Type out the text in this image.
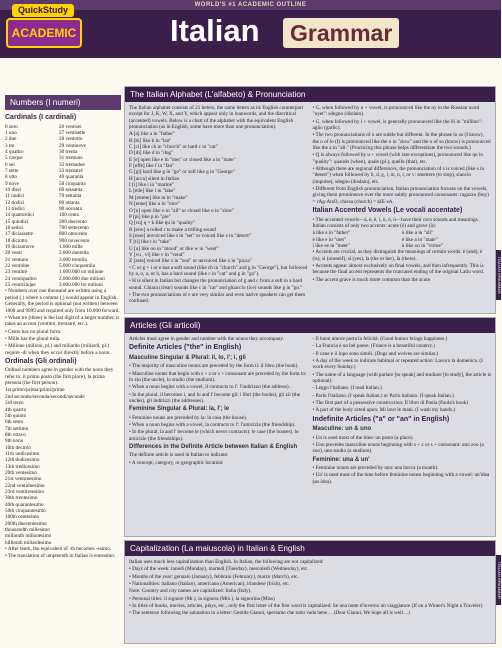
WORLD'S #1 ACADEMIC OUTLINE
QuickStudy
ACADEMIC	Italian	Grammar
Numbers (I numeri)
Cardinals (I cardinali)
0 zero	26 ventisei
1 uno	27 ventisette
2 due	28 ventotto
3 tre	29 ventinove
4 quattro	30 trenta
5 cinque	31 trentuno
6 sei	32 trentadue
7 sette	33 trentatré
8 otto	40 quaranta
9 nove	50 cinquanta
10 dieci	60 sessanta
11 undici	70 settanta
12 dodici	80 ottanta
13 tredici	90 novanta
14 quattordici	100 cento
15 quindici	200 duecento
16 sedici	700 settecento
17 diciassette	800 ottocento
18 diciotto	900 novecento
19 diciannove	1.000 mille
20 venti	2.000 duemila
21 ventuno	3.000 tremila
22 ventidue	5.000 cinquemila
23 ventitré	1.000.000 un milione
24 ventiquattro	2.000.000 due milioni
25 venticinque	3.000.000 tre milioni

• Numbers over one thousand are written using a period (.) where a comma (,) would appear in English. Generally, the period is optional (not written) between 1000 and 9999 and required only from 10.000 forward.

• When tre (three) is the last digit of a larger number, it takes an accent (ventitré, trentatré, etc.).

• Cento has no plural form.

• Mille has the plural mila.

• Milione (milioni, pl.) and miliardo (miliardi, pl.) require -di when they occur directly before a noun.

Ordinals (Gli ordinali)

Ordinal numbers agree in gender with the noun they refer to: il primo posto (the first place), la prima persona (the first person).

1st primo/prima/primi/prime
2nd secondo/seconda/secondi/seconde
3rd terzo
4th quarto
5th quinto
6th sesto
7th settimo
8th ottavo
9th nono
10th decimo
11th undicesimo
12th dodicesimo
13th tredicesimo
20th ventesimo
21st ventunesimo
22nd ventiduesimo
23rd ventitreesimo
30th trentesimo
40th quarantesimo
50th cinquantesimo
100th centesimo
200th duecentesimo
thousandth millesimo
millionth milionesimo
billionth miliardesimo

• After tenth, the equivalent of -th becomes -esimo.

• The translation of umpteenth in Italian is ennesimo.

The Italian Alphabet (L'alfabeto) & Pronunciation

The Italian alphabet consists of 21 letters, the same letters as its English counterpart except for J, K, W, X, and Y, which appear only in loanwords, and the diacritical (accented) vowels. Below is a chart of the alphabet with the equivalent English pronunciation (as in English, some have more than one pronunciation).

A [a] like a in "father"
B [bi] like b in "bat"
C [ci] like ch in "church" or hard c in "cat"
D [di] like d in "dog"
E [e] open like e in "met" or closed like a in "mate"
F [effe] like f in "fan"
G [gi] hard like g in "go" or soft like g in "George"
H [acca] silent in Italian
I [i] like i in "marine"
L [elle] like l in "lake"
M [emme] like m in "make"
N [enne] like n in "nice"
O [o] open like o in "all" or closed like o in "slow"
P [pi] like p in "pie"
Q [cu] q = k like qu in "quality"
R [erre] a rolled r to make a trilling sound
S [esse] unvoiced like s in "set" or voiced like s in "desert"
T [ti] like t in "take"
U [u] like oo in "mood" or like w in "west"
V [vu , vi] like v in "vend"
Z [zeta] voiced like z in "zoo" or unvoiced like z in "pizza"

• C or g + i or e has a soft sound (like ch in "church" and g in "George"), but followed by a, o, u, or h, has a hard sound (like c in "cat" and g in "go").

• H is silent in Italian but changes the pronunciation of g and c from a soft to a hard sound. Chiara (clear) sounds like c in "cat" and ghiaccio (ice) sounds like g in "go."

• The two pronunciations of e are very similar and even native speakers can get them confused.

• G, when followed by n + vowel, is pronounced like the ny in the Russian word "nyet": sdegno (disdain).

• G, when followed by l + vowel, is generally pronounced like the lli in "million": aglio (garlic).

• The two pronunciations of o are subtle but different. In the phrase lo so (I know), the o of lo (I) is pronounced like the o in "slow" and the o of so (know) is pronounced like the a in "all." (Practicing this phrase helps differentiate the two sounds.)

• Q is always followed by u + vowel (with rare exceptions), pronounced like qu in "quality": quando (when), quale (pl.), quello (that), etc.

• Although there are regional differences, the pronunciation of s is voiced (like s in "desert") when followed by b, d, g, l, m, n, r, or v: smettere (to stop), slancio (impulse), sdegno (disdain), etc.

• Different from English pronunciation, Italian pronunciation focuses on the vowels, giving them prominence over the more subtly pronounced consonants: ragazzo (boy) = rAg-AtsO, chiesa (church) = kIE-sA.

Italian Accented Vowels (Le vocali accentate)

• The accented vowels—à, è, é, ì, ò, ó, ù—have their own sounds and meanings. Italian consists of only two accents: acute (é) and grave (à):

à like a in "father"	ò like a in "all"
è like e in "met"	é like a in "mate"
ì like ee in "meet"	ù like oo in "virtue"

• Accents are crucial, as they distinguish the meanings of certain words: è (and), è (is), sì (oneself), sì (yes), la (the or her), là (there).

• Accents appear almost exclusively on final vowels, and then infrequently. This is because the final accent represents the truncated ending of the original Latin word.

• The accent grave is much more common than the acute.

Articles (Gli articoli)

Articles must agree in gender and number with the nouns they accompany.

Definite Articles ("the" in English)
Masculine Singular & Plural: il, lo, l'; i, gli

• The majority of masculine nouns are preceded by the form il: il libro (the book).

• Masculine nouns that begin with s + z or s + consonant are preceded by the form lo: lo zio (the uncle), lo studio (the studium).

• When a noun begins with a vowel, il contracts to l': l'indirizzo (the address).

• In the plural, il becomes i, and lo and l' become gli: i libri (the books), gli zii (the uncles), gli indirizzi (the addresses).

Feminine Singular & Plural: la, l'; le

• Feminine nouns are preceded by la: la casa (the house).

• When a noun begins with a vowel, la contracts to l': l'amicizia (the friendship).

• In the plural, la and l' become le (which never contracts): le case (the houses), le amicizie (the friendships).

Differences in the Definite Article between Italian & English

The definite article is used in Italian to indicate:

• A concept, category, or geographic location:

- Il buon umore porta la felicità. (Good humor brings happiness.)

- La Francia è un bel paese. (France is a beautiful country.)

- Il cane e il lupo sono simili. (Dogs and wolves are similar.)

• A day of the week to indicate habitual or repeated action: Lavoro la domenica. (I work every Sunday.)

• The name of a language (with parlare [to speak] and studiare [to study], the article is optional):

- Leggo l'italiano. (I read Italian.)

- Parlo l'italiano. (I speak Italian.) or Parlo italiano. (I speak Italian.)

• The first part of a possessive construction: Il libro di Paola (Paola's book)

• A part of the body acted upon: Mi lavo le mani. (I wash my hands.)

Indefinite Articles ("a" or "an" in English)
Masculine: un & uno

• Un is used most of the time: un posto (a place).

• Uno precedes masculine nouns beginning with s + z or s + consonant: uno zoo (a zoo), uno studio (a studium).

Feminine: una & un'

• Feminine nouns are preceded by una: una bocca (a mouth).

• Un' is used most of the time before feminine nouns beginning with a vowel: un'idea (an idea).

Capitalization (La maiuscola) in Italian & English

Italian uses much less capitalization than English. In Italian, the following are not capitalized:

• Days of the week: lunedì (Monday), martedì (Tuesday), mercoledì (Wednesday), etc.

• Months of the year: gennaio (January), febbraio (February), marzo (March), etc.

• Nationalities: italiano (Italian), americano (American), irlandese (Irish), etc.

Note: Country and city names are capitalized: Italia (Italy).

• Personal titles: il signore (Mr.), la signora (Mrs.), la signorina (Miss)

• In titles of books, movies, articles, plays, etc., only the first letter of the first word is capitalized: Se una notte d'inverno un viaggiatore (If on a Winter's Night a Traveler).

• The sentence following the salutation in a letter: Gentile Gianni, speriamo che tutto vada bene… (Dear Gianni, We hope all is well…)

ITALIAN GRAMMAR
ITALIAN GRAMMAR
